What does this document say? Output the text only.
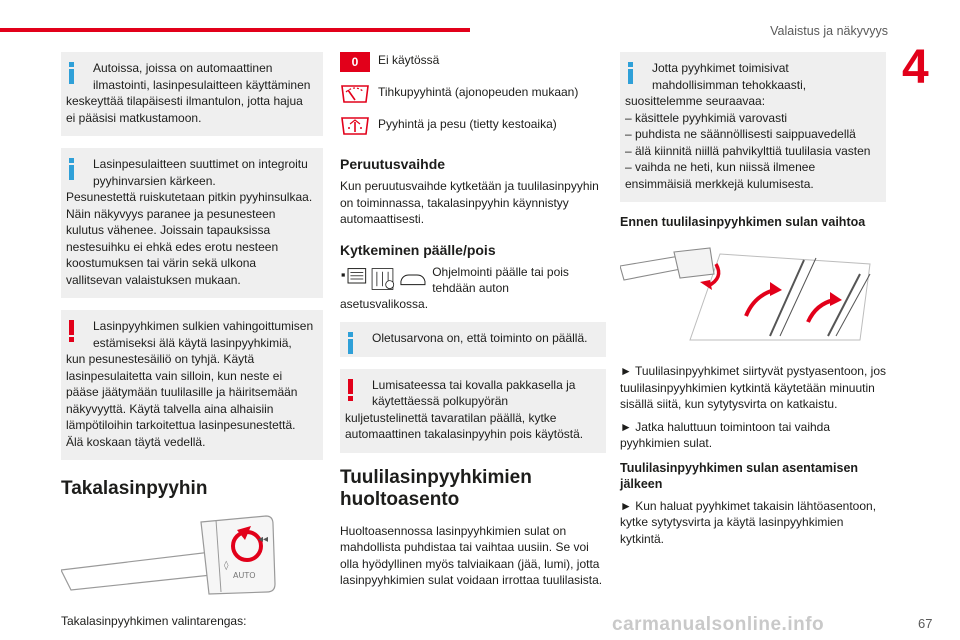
Valaistus ja näkyvyys
4
Autoissa, joissa on automaattinen
ilmastointi, lasinpesulaitteen käyttäminen

keskeyttää tilapäisesti ilmantulon, jotta hajua ei pääsisi matkustamoon.

Lasinpesulaitteen suuttimet on integroitu
pyyhinvarsien kärkeen.

Pesunestettä ruiskutetaan pitkin pyyhinsulkaa. Näin näkyvyys paranee ja pesunesteen kulutus vähenee. Joissain tapauksissa nestesuihku ei ehkä edes erotu nesteen koostumuksen tai värin sekä ulkona vallitsevan valaistuksen mukaan.

Lasinpyyhkimen sulkien vahingoittumisen
estämiseksi älä käytä lasinpyyhkimiä,

kun pesunestesäiliö on tyhjä. Käytä lasinpesulaitetta vain silloin, kun neste ei pääse jäätymään tuulilasille ja häiritsemään näkyvyyttä. Käytä talvella aina alhaisiin lämpötiloihin tarkoitettua lasinpesunestettä. Älä koskaan täytä vedellä.

Takalasinpyyhin
◂◂
AUTO
◊

Takalasinpyyhkimen valintarengas:

0	Ei käytössä
Tihkupyyhintä (ajonopeuden mukaan)
Pyyhintä ja pesu (tietty kestoaika)
Peruutusvaihde

Kun peruutusvaihde kytketään ja tuulilasinpyyhin on toiminnassa, takalasinpyyhin käynnistyy automaattisesti.

Kytkeminen päälle/pois
Ohjelmointi päälle tai pois tehdään auton

asetusvalikossa.

Oletusarvona on, että toiminto on päällä.
Lumisateessa tai kovalla pakkasella ja
käytettäessä polkupyörän

kuljetustelinettä tavaratilan päällä, kytke automaattinen takalasinpyyhin pois käytöstä.

Tuulilasinpyyhkimien huoltoasento

Huoltoasennossa lasinpyyhkimien sulat on mahdollista puhdistaa tai vaihtaa uusiin. Se voi olla hyödyllinen myös talviaikaan (jää, lumi), jotta lasinpyyhkimien sulat voidaan irrottaa tuulilasista.

Jotta pyyhkimet toimisivat
mahdollisimman tehokkaasti,

suosittelemme seuraavaa:

– käsittele pyyhkimiä varovasti

– puhdista ne säännöllisesti saippuavedellä

– älä kiinnitä niillä pahvikylttiä tuulilasia vasten

– vaihda ne heti, kun niissä ilmenee ensimmäisiä merkkejä kulumisesta.

Ennen tuulilasinpyyhkimen sulan vaihtoa

► Tuulilasinpyyhkimet siirtyvät pystyasentoon, jos tuulilasinpyyhkimien kytkintä käytetään minuutin sisällä siitä, kun sytytysvirta on katkaistu.

► Jatka haluttuun toimintoon tai vaihda pyyhkimien sulat.

Tuulilasinpyyhkimen sulan asentamisen jälkeen

► Kun haluat pyyhkimet takaisin lähtöasentoon, kytke sytytysvirta ja käytä lasinpyyhkimien kytkintä.

carmanualsonline.info	67
